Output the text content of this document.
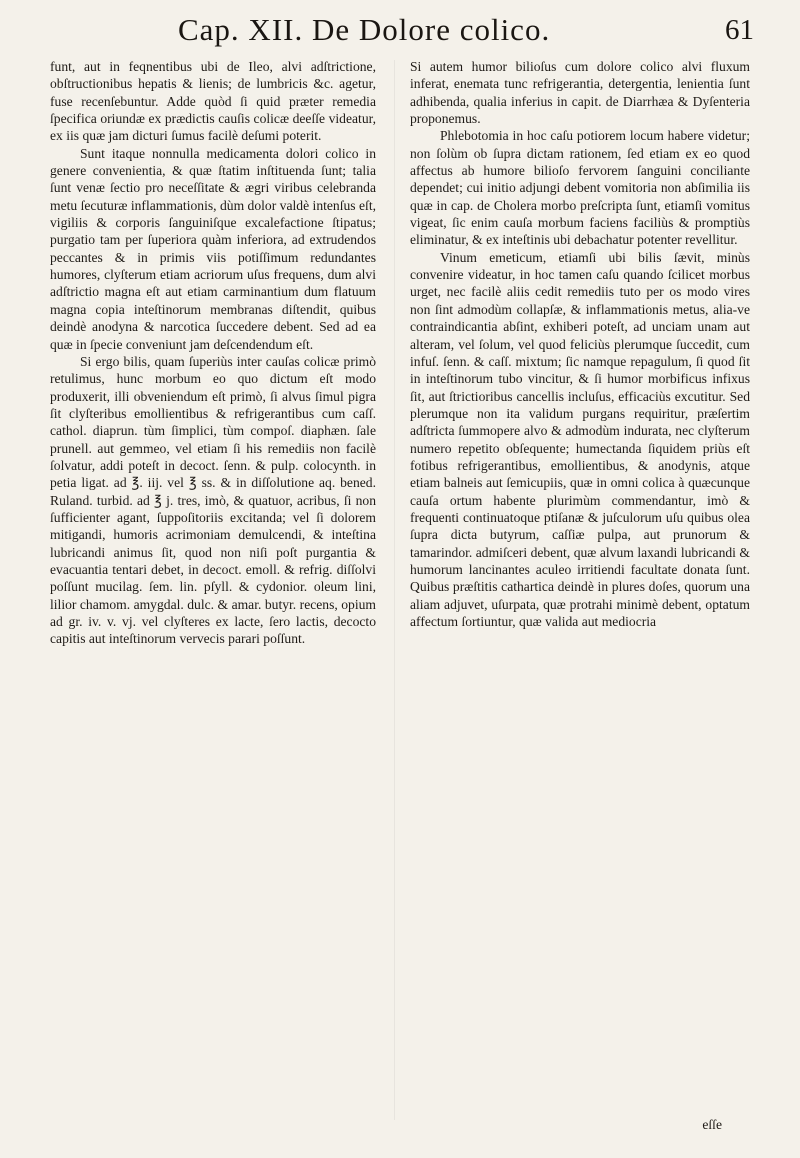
Cap. XII. De Dolore colico.	61

funt, aut in feqnentibus ubi de Ileo, alvi adſtrictione, obſtructionibus hepatis & lienis; de lumbricis &c. agetur, fuse recenſebuntur. Adde quòd ſi quid præter remedia ſpecifica oriundæ ex prædictis cauſis colicæ deeſſe videatur, ex iis quæ jam dicturi ſumus facilè deſumi poterit.

Sunt itaque nonnulla medicamenta dolori colico in genere convenientia, & quæ ſtatim inſtituenda ſunt; talia ſunt venæ ſectio pro neceſſitate & ægri viribus celebranda metu ſecuturæ inflammationis, dùm dolor valdè intenſus eſt, vigiliis & corporis ſanguiniſque excalefactione ſtipatus; purgatio tam per ſuperiora quàm inferiora, ad extrudendos peccantes & in primis viis potiſſimum redundantes humores, clyſterum etiam acriorum uſus frequens, dum alvi adſtrictio magna eſt aut etiam carminantium dum flatuum magna copia inteſtinorum membranas diſtendit, quibus deindè anodyna & narcotica ſuccedere debent. Sed ad ea quæ in ſpecie conveniunt jam deſcendendum eſt.

Si ergo bilis, quam ſuperiùs inter cauſas colicæ primò retulimus, hunc morbum eo quo dictum eſt modo produxerit, illi obveniendum eſt primò, ſi alvus ſimul pigra ſit clyſteribus emollientibus & refrigerantibus cum caſſ. cathol. diaprun. tùm ſimplici, tùm compoſ. diaphæn. ſale prunell. aut gemmeo, vel etiam ſi his remediis non facilè ſolvatur, addi poteſt in decoct. ſenn. & pulp. colocynth. in petia ligat. ad ℥. iij. vel ℥ ss. & in diſſolutione aq. bened. Ruland. turbid. ad ℥ j. tres, imò, & quatuor, acribus, ſi non ſufficienter agant, ſuppoſitoriis excitanda; vel ſi dolorem mitigandi, humoris acrimoniam demulcendi, & inteſtina lubricandi animus ſit, quod non niſi poſt purgantia & evacuantia tentari debet, in decoct. emoll. & refrig. diſſolvi poſſunt mucilag. ſem. lin. pſyll. & cydonior. oleum lini, lilior chamom. amygdal. dulc. & amar. butyr. recens, opium ad gr. iv. v. vj. vel clyſteres ex lacte, ſero lactis, decocto capitis aut inteſtinorum vervecis parari poſſunt.

Si autem humor bilioſus cum dolore colico alvi fluxum inferat, enemata tunc refrigerantia, detergentia, lenientia ſunt adhibenda, qualia inferius in capit. de Diarrhæa & Dyſenteria proponemus.

Phlebotomia in hoc caſu potiorem locum habere videtur; non ſolùm ob ſupra dictam rationem, ſed etiam ex eo quod affectus ab humore bilioſo fervorem ſanguini conciliante dependet; cui initio adjungi debent vomitoria non abſimilia iis quæ in cap. de Cholera morbo preſcripta ſunt, etiamſi vomitus vigeat, ſic enim cauſa morbum faciens faciliùs & promptiùs eliminatur, & ex inteſtinis ubi debachatur potenter revellitur.

Vinum emeticum, etiamſi ubi bilis ſævit, minùs convenire videatur, in hoc tamen caſu quando ſcilicet morbus urget, nec facilè aliis cedit remediis tuto per os modo vires non ſint admodùm collapſæ, & inflammationis metus, alia-ve contraindicantia abſint, exhiberi poteſt, ad unciam unam aut alteram, vel ſolum, vel quod feliciùs plerumque ſuccedit, cum infuſ. ſenn. & caſſ. mixtum; ſic namque repagulum, ſi quod ſit in inteſtinorum tubo vincitur, & ſi humor morbificus infixus ſit, aut ſtrictioribus cancellis incluſus, efficaciùs excutitur. Sed plerumque non ita validum purgans requiritur, præſertim adſtricta ſummopere alvo & admodùm indurata, nec clyſterum numero repetito obſequente; humectanda ſiquidem priùs eſt fotibus refrigerantibus, emollientibus, & anodynis, atque etiam balneis aut ſemicupiis, quæ in omni colica à quæcunque cauſa ortum habente plurimùm commendantur, imò & frequenti continuatoque ptiſanæ & juſculorum uſu quibus olea ſupra dicta butyrum, caſſiæ pulpa, aut prunorum & tamarindor. admiſceri debent, quæ alvum laxandi lubricandi & humorum lancinantes aculeo irritiendi facultate donata ſunt. Quibus præſtitis cathartica deindè in plures doſes, quorum una aliam adjuvet, uſurpata, quæ protrahi minimè debent, optatum affectum ſortiuntur, quæ valida aut mediocria

eſſe
